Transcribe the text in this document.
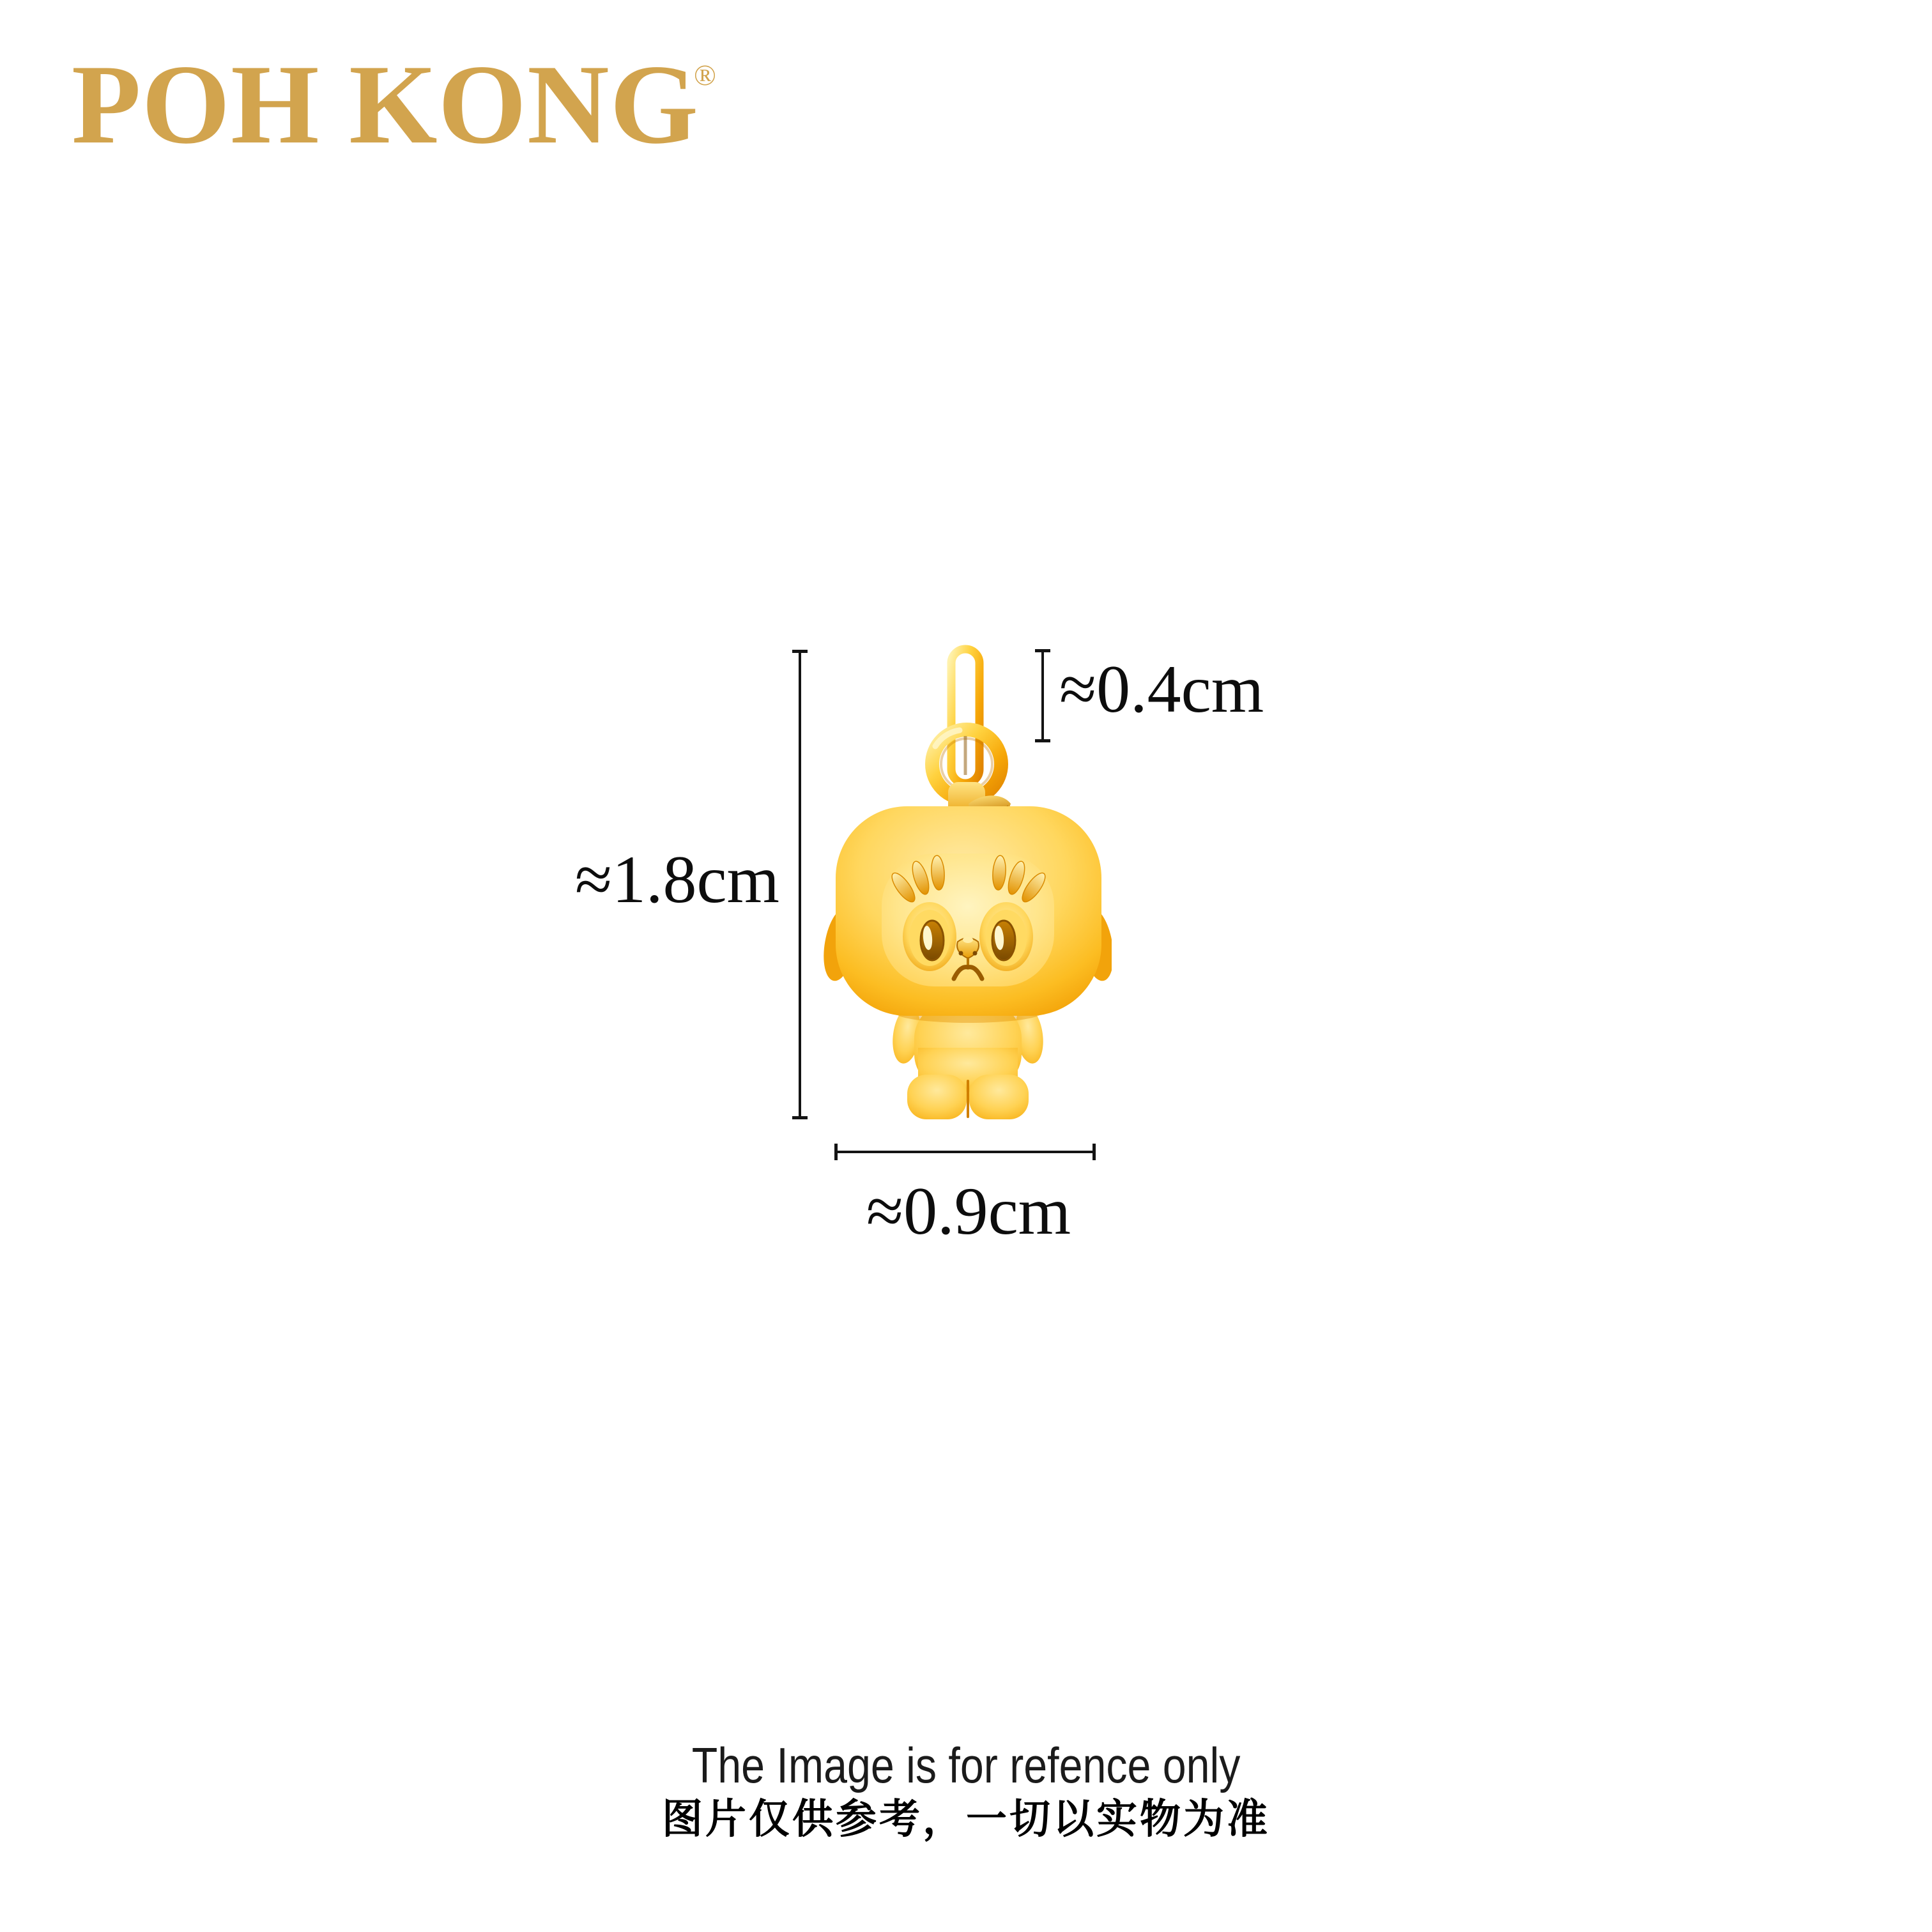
POH KONG
®
≈1.8cm
≈0.4cm
≈0.9cm
The Image is for refence only
图片仅供参考，一切以实物为准
